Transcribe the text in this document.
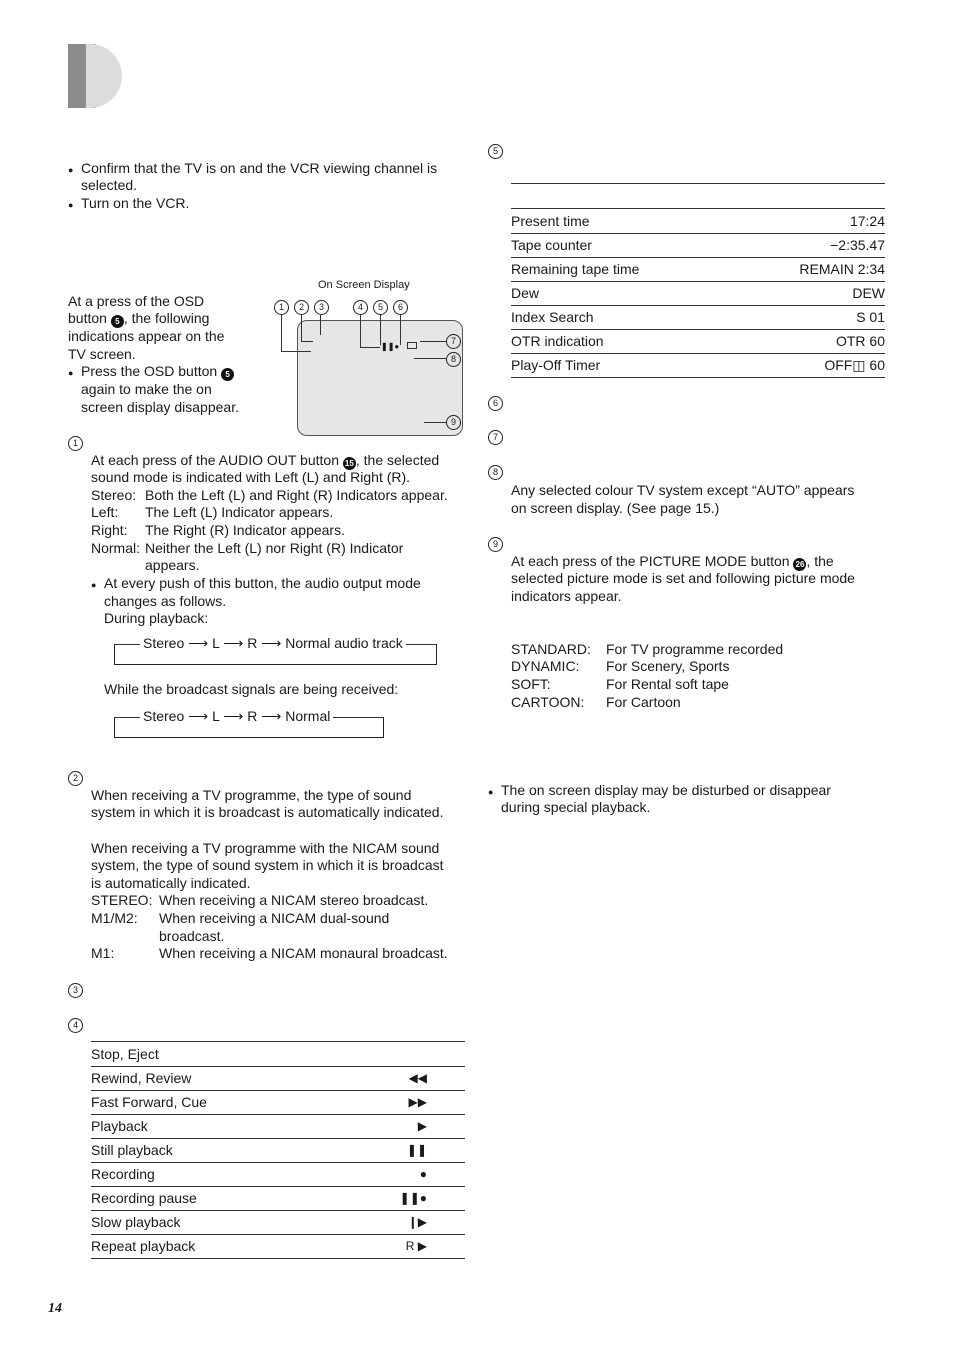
● Confirm that the TV is on and the VCR viewing channel is
selected.
● Turn on the VCR.
At a press of the OSD
button 5 , the following
indications appear on the
TV screen.
● Press the OSD button 5
again to make the on
screen display disappear.
On Screen Display
1	2	3	4	5	6
7
8
9
❚❚●
1
At each press of the AUDIO OUT button 15 , the selected
sound mode is indicated with Left (L) and Right (R).
Stereo: Both the Left (L) and Right (R) Indicators appear.
Left: The Left (L) Indicator appears.
Right: The Right (R) Indicator appears.
Normal: Neither the Left (L) nor Right (R) Indicator
appears.
● At every push of this button, the audio output mode
changes as follows.
During playback:
Stereo ⟶ L ⟶ R ⟶ Normal audio track
While the broadcast signals are being received:
Stereo ⟶ L ⟶ R ⟶ Normal
2
When receiving a TV programme, the type of sound
system in which it is broadcast is automatically indicated.
When receiving a TV programme with the NICAM sound
system, the type of sound system in which it is broadcast
is automatically indicated.
STEREO: When receiving a NICAM stereo broadcast.
M1/M2: When receiving a NICAM dual-sound
broadcast.
M1:	When receiving a NICAM monaural broadcast.
3
4
Stop, Eject
Rewind, Review	◀◀
Fast Forward, Cue	▶▶
Playback	▶
Still playback	❚❚
Recording	●
Recording pause	❚❚●
Slow playback	❙▶
Repeat playback	R ▶
5
Present time	17:24
Tape counter	−2:35.47
Remaining tape time	REMAIN 2:34
Dew	DEW
Index Search	S 01
OTR indication	OTR 60
Play-Off Timer	OFF◫ 60
6
7
8
Any selected colour TV system except “AUTO” appears
on screen display. (See page 15.)
9
At each press of the PICTURE MODE button 26 , the
selected picture mode is set and following picture mode
indicators appear.
STANDARD: For TV programme recorded
DYNAMIC: For Scenery, Sports
SOFT:	For Rental soft tape
CARTOON: For Cartoon
● The on screen display may be disturbed or disappear
during special playback.
14
